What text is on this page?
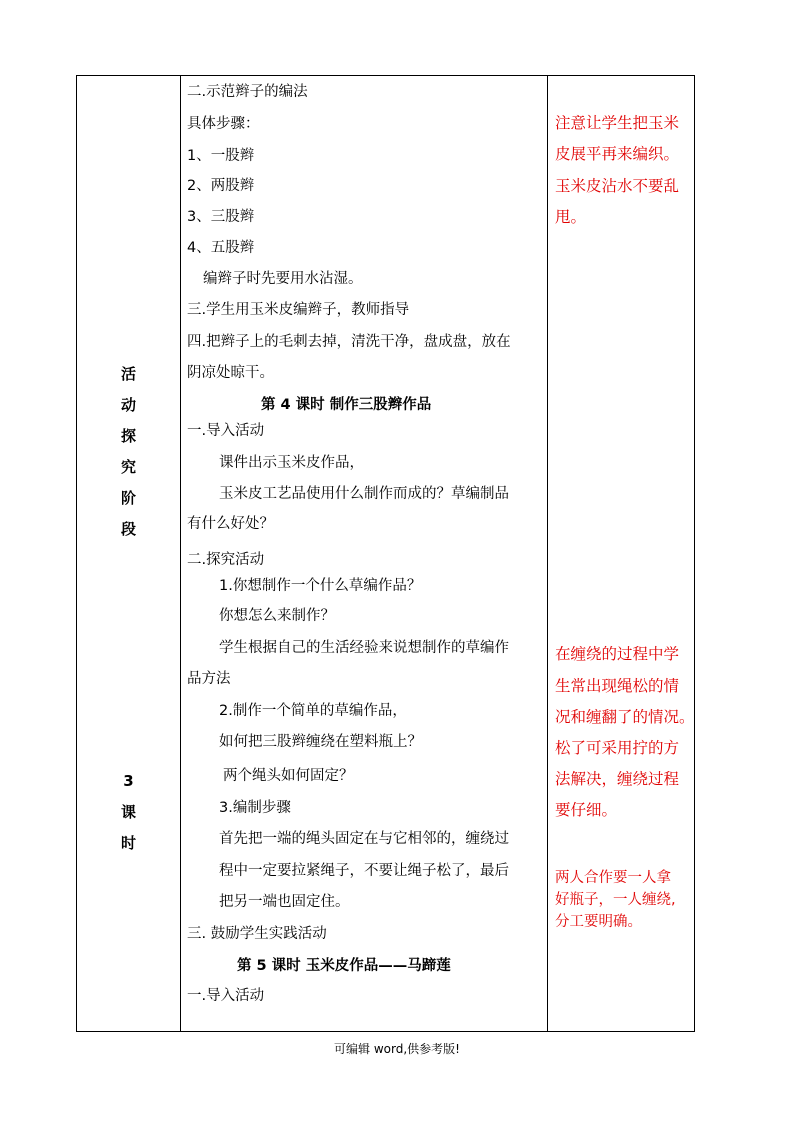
活
动
探
究
阶
段
3
课
时
二.示范辫子的编法
具体步骤：
1、一股辫
2、两股辫
3、三股辫
4、五股辫
编辫子时先要用水沾湿。
三.学生用玉米皮编辫子，教师指导
四.把辫子上的毛刺去掉，清洗干净，盘成盘，放在
阴凉处晾干。
第 4 课时 制作三股辫作品
一.导入活动
课件出示玉米皮作品，
玉米皮工艺品使用什么制作而成的？草编制品
有什么好处？
二.探究活动
1.你想制作一个什么草编作品？
你想怎么来制作？
学生根据自己的生活经验来说想制作的草编作
品方法
2.制作一个简单的草编作品，
如何把三股辫缠绕在塑料瓶上？
两个绳头如何固定？
3.编制步骤
首先把一端的绳头固定在与它相邻的，缠绕过
程中一定要拉紧绳子，不要让绳子松了，最后
把另一端也固定住。
三. 鼓励学生实践活动
第 5 课时 玉米皮作品——马蹄莲
一.导入活动
注意让学生把玉米
皮展平再来编织。
玉米皮沾水不要乱
甩。
在缠绕的过程中学
生常出现绳松的情
况和缠翻了的情况。
松了可采用拧的方
法解决，缠绕过程
要仔细。
两人合作要一人拿
好瓶子，一人缠绕,
分工要明确。
可编辑 word,供参考版!
